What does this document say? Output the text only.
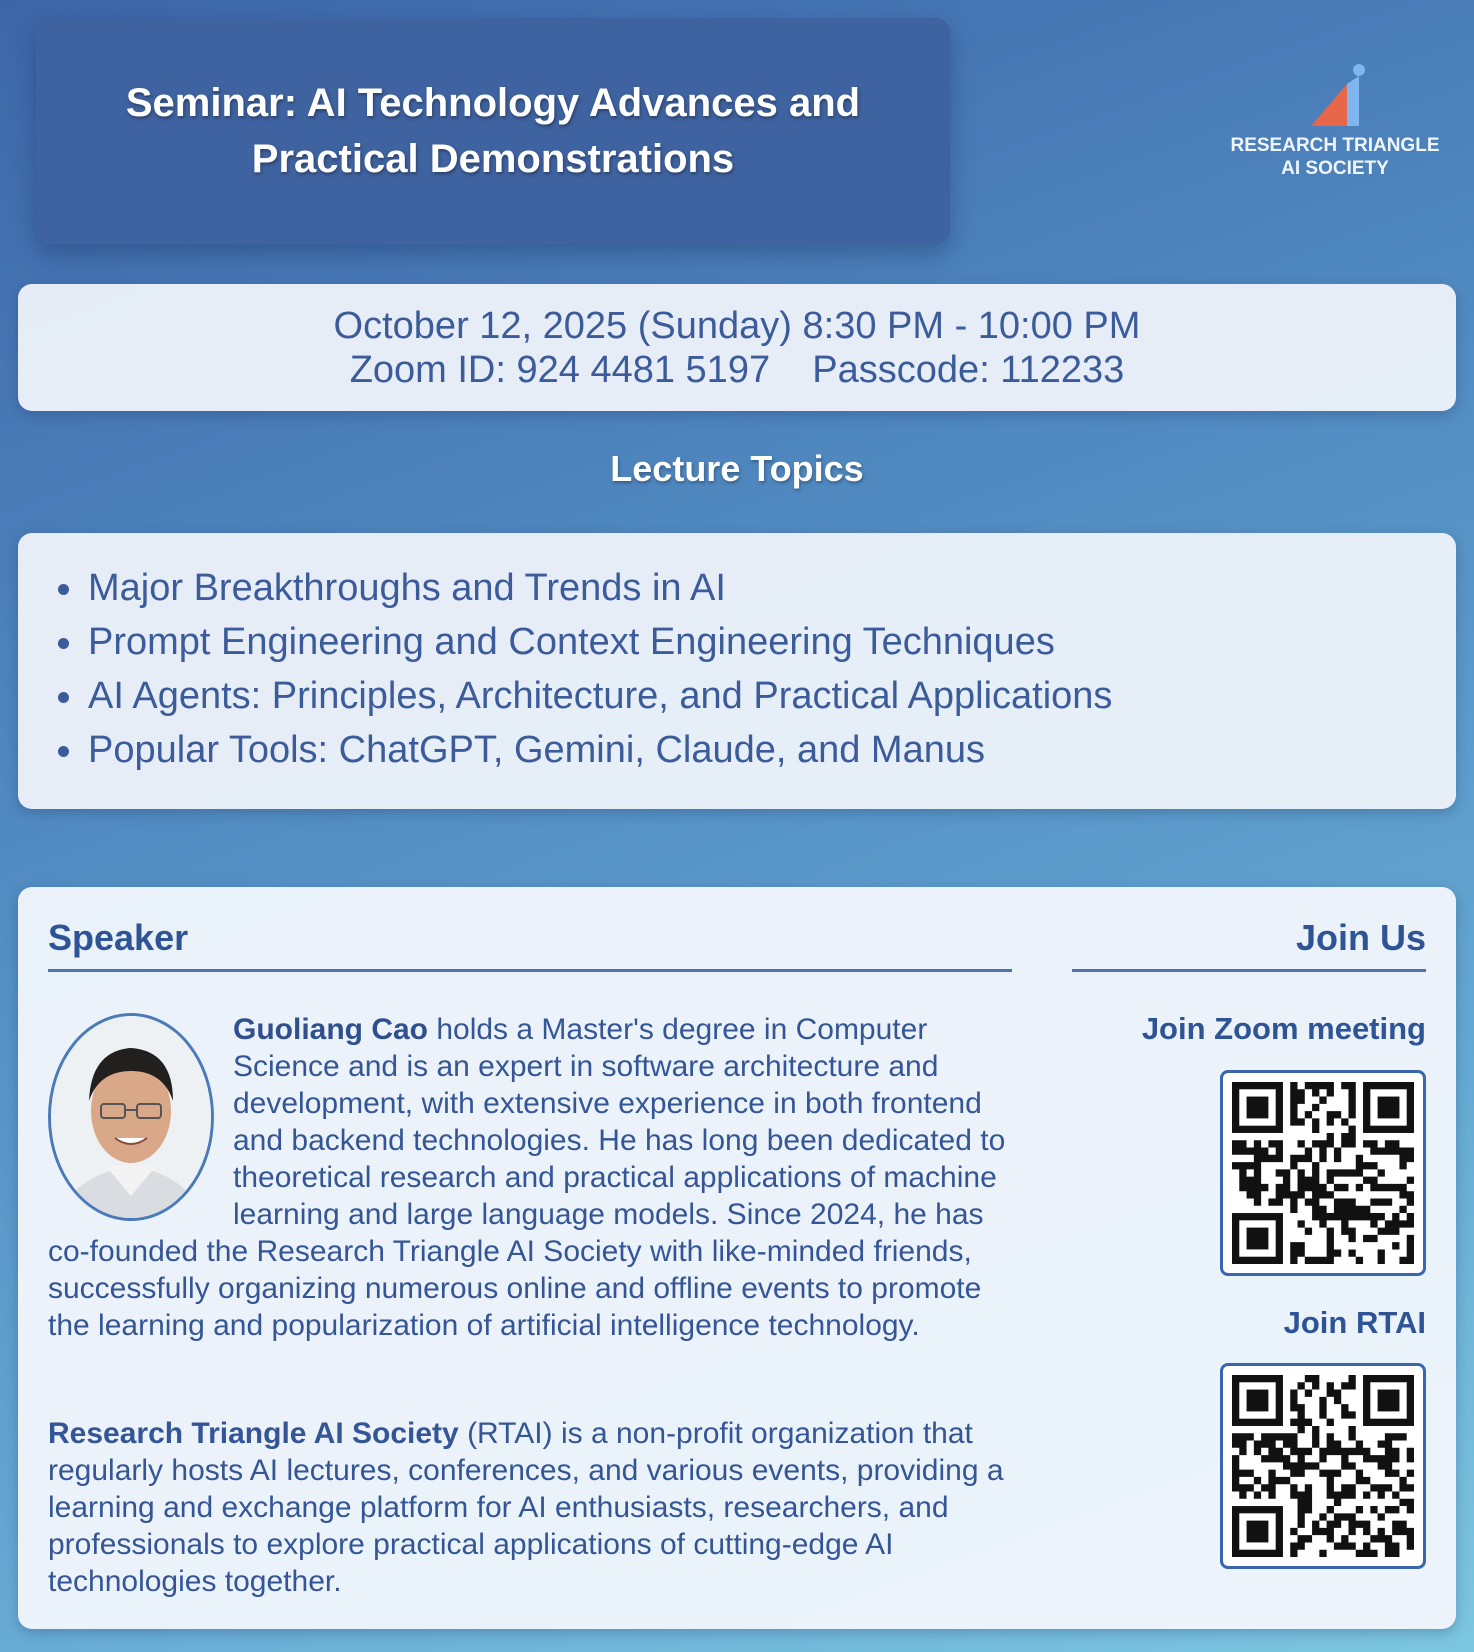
Seminar: AI Technology Advances and
Practical Demonstrations	RESEARCH TRIANGLE
AI SOCIETY
October 12, 2025 (Sunday) 8:30 PM - 10:00 PM
Zoom ID: 924 4481 5197    Passcode: 112233
Lecture Topics
Major Breakthroughs and Trends in AI
Prompt Engineering and Context Engineering Techniques
AI Agents: Principles, Architecture, and Practical Applications
Popular Tools: ChatGPT, Gemini, Claude, and Manus
Speaker	Join Us
Guoliang Cao holds a Master's degree in Computer Science and is an expert in software architecture and development, with extensive experience in both frontend and backend technologies. He has long been dedicated to theoretical research and practical applications of machine learning and large language models. Since 2024, he has co-founded the Research Triangle AI Society with like-minded friends, successfully organizing numerous online and offline events to promote the learning and popularization of artificial intelligence technology.
Research Triangle AI Society (RTAI) is a non-profit organization that regularly hosts AI lectures, conferences, and various events, providing a learning and exchange platform for AI enthusiasts, researchers, and professionals to explore practical applications of cutting-edge AI technologies together.
Join Zoom meeting
Join RTAI
